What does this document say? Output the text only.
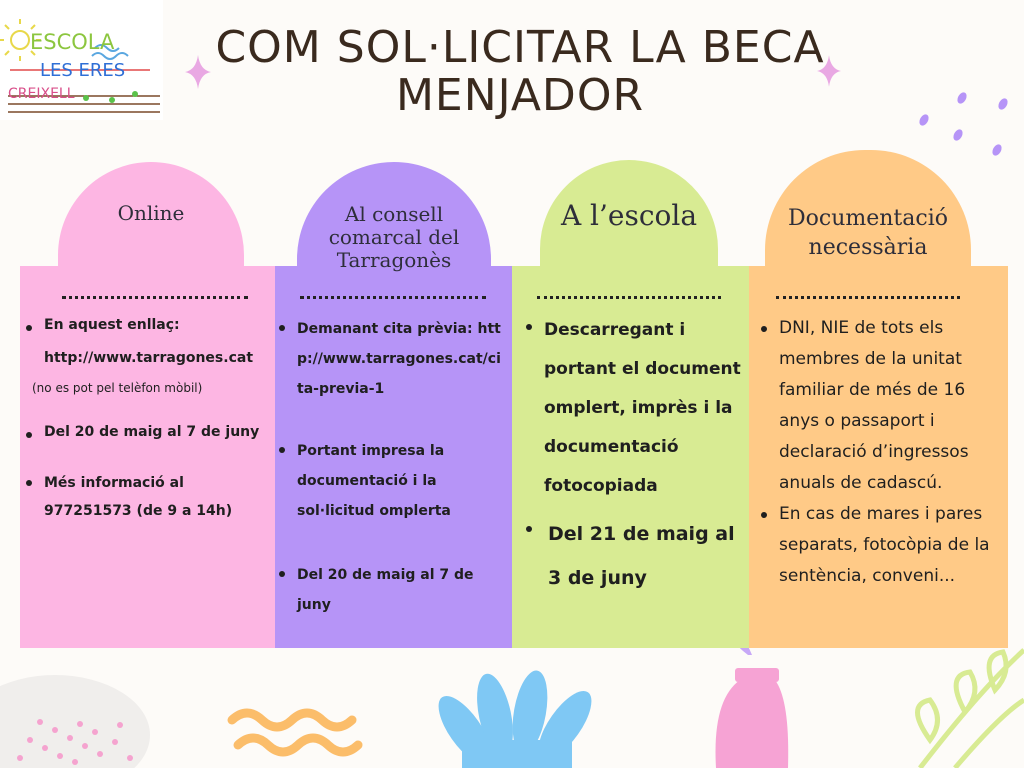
ESCOLA
LES ERES
CREIXELL
COM SOL·LICITAR LA BECA
MENJADOR
Online
En aquest enllaç:
http://www.tarragones.cat
(no es pot pel telèfon mòbil)
Del 20 de maig al 7 de juny
Més informació al 977251573 (de 9 a 14h)
Al consell comarcal del Tarragonès
Demanant cita prèvia: http://www.tarragones.cat/cita-previa-1
Portant impresa la documentació i la sol·licitud omplerta
Del 20 de maig al 7 de juny
A l’escola
Descarregant i portant el document omplert, imprès i la documentació fotocopiada
Del 21 de maig al 3 de juny
Documentació necessària
DNI, NIE de tots els membres de la unitat familiar de més de 16 anys o passaport i declaració d’ingressos anuals de cadascú.
En cas de mares i pares separats, fotocòpia de la sentència, conveni...
